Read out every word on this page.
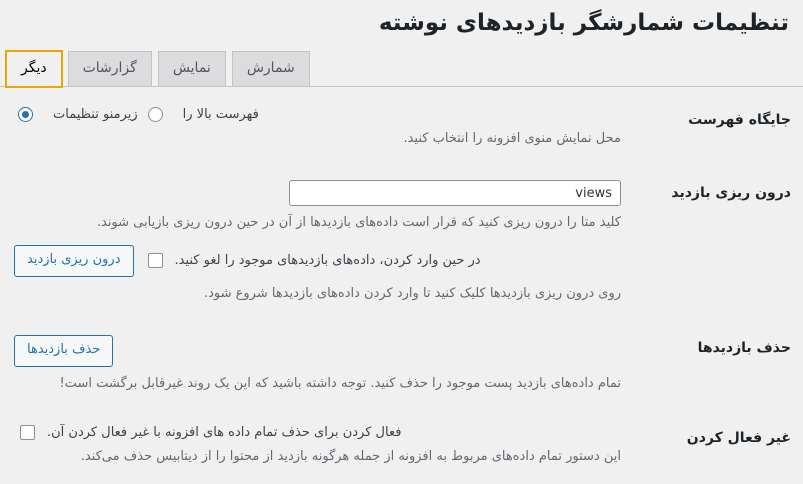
تنظیمات شمارشگر بازدیدهای نوشته
شمارش
نمایش
گزارشات
دیگر
جایگاه فهرست	زیرمنو تنظیمات فهرست بالا را
محل نمایش منوی افزونه را انتخاب کنید.

درون ریزی بازدید	views
کلید متا را درون ریزی کنید که قرار است داده‌های بازدیدها از آن در حین درون ریزی بازیابی شوند.
درون ریزی بازدید در حین وارد کردن، داده‌های بازدیدهای موجود را لغو کنید.
روی درون ریزی بازدیدها کلیک کنید تا وارد کردن داده‌های بازدیدها شروع شود.

حذف بازدیدها	حذف بازدیدها
تمام داده‌های بازدید پست موجود را حذف کنید. توجه داشته باشید که این یک روند غیرقابل برگشت است!

غیر فعال کردن	فعال کردن برای حذف تمام داده های افزونه با غیر فعال کردن آن.
این دستور تمام داده‌های مربوط به افزونه از جمله هرگونه بازدید از محتوا را از دیتابیس حذف می‌کند.
